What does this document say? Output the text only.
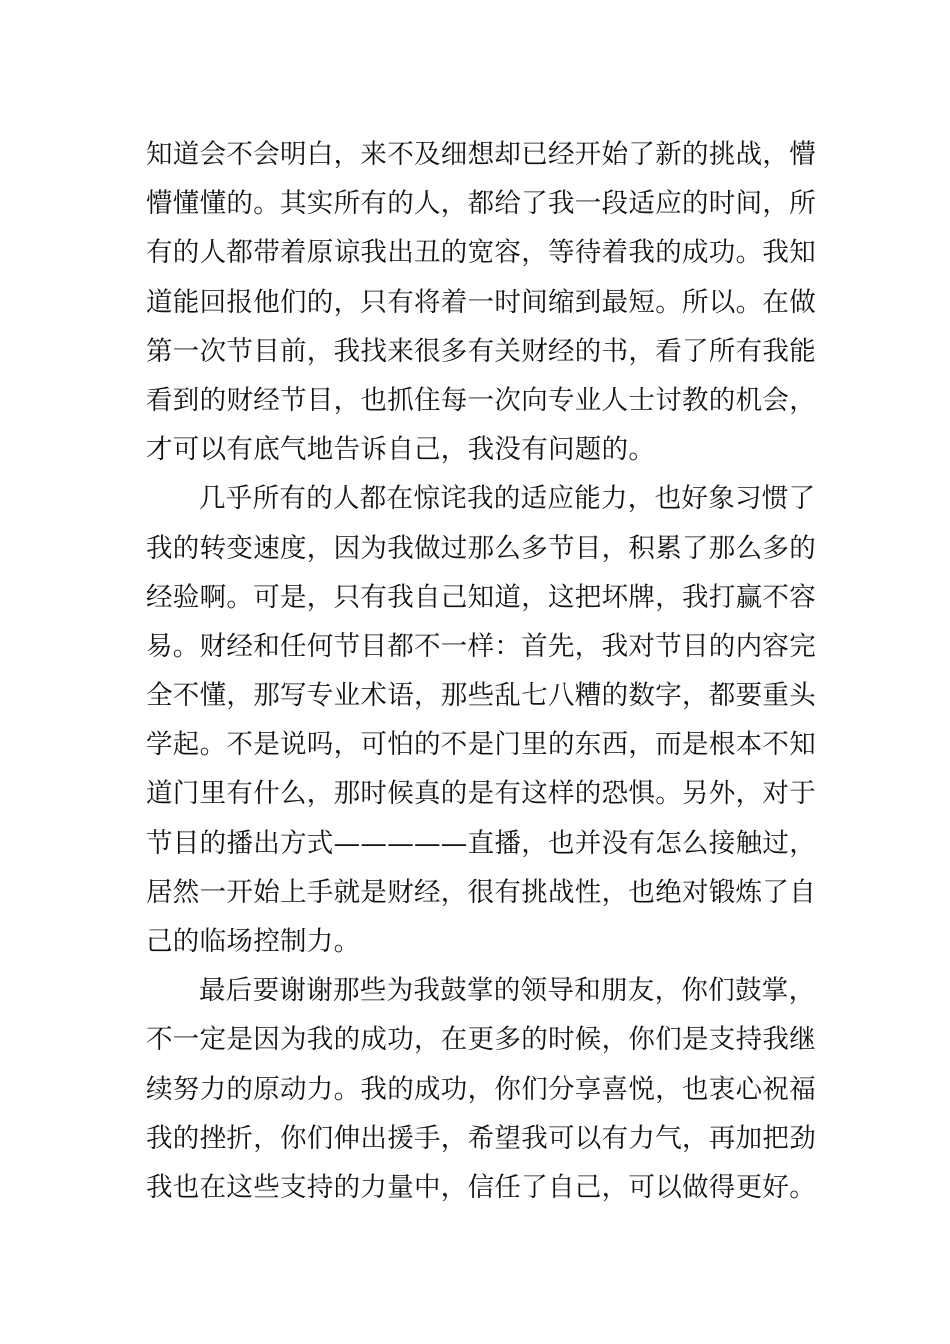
知道会不会明白，来不及细想却已经开始了新的挑战，懵
懵懂懂的。其实所有的人，都给了我一段适应的时间，所
有的人都带着原谅我出丑的宽容，等待着我的成功。我知
道能回报他们的，只有将着一时间缩到最短。所以。在做
第一次节目前，我找来很多有关财经的书，看了所有我能
看到的财经节目，也抓住每一次向专业人士讨教的机会，
才可以有底气地告诉自己，我没有问题的。
几乎所有的人都在惊诧我的适应能力，也好象习惯了
我的转变速度，因为我做过那么多节目，积累了那么多的
经验啊。可是，只有我自己知道，这把坏牌，我打赢不容
易。财经和任何节目都不一样：首先，我对节目的内容完
全不懂，那写专业术语，那些乱七八糟的数字，都要重头
学起。不是说吗，可怕的不是门里的东西，而是根本不知
道门里有什么，那时候真的是有这样的恐惧。另外，对于
节目的播出方式—————直播，也并没有怎么接触过，
居然一开始上手就是财经，很有挑战性，也绝对锻炼了自
己的临场控制力。
最后要谢谢那些为我鼓掌的领导和朋友，你们鼓掌，
不一定是因为我的成功，在更多的时候，你们是支持我继
续努力的原动力。我的成功，你们分享喜悦，也衷心祝福
我的挫折，你们伸出援手，希望我可以有力气，再加把劲
我也在这些支持的力量中，信任了自己，可以做得更好。
